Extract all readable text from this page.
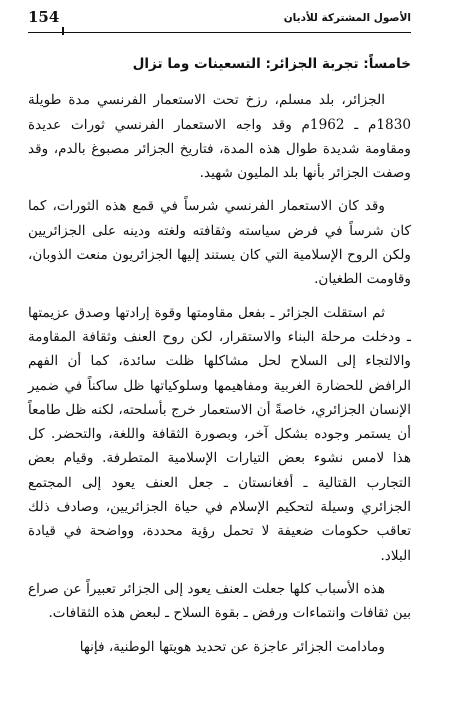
الأصول المشتركة للأديان
154

خامساً: تجربة الجزائر: التسعينات وما تزال

الجزائر، بلد مسلم، رزخ تحت الاستعمار الفرنسي مدة طويلة 1830م ـ 1962م وقد واجه الاستعمار الفرنسي ثورات عديدة ومقاومة شديدة طوال هذه المدة، فتاريخ الجزائر مصبوغ بالدم، وقد وصفت الجزائر بأنها بلد المليون شهيد.

وقد كان الاستعمار الفرنسي شرساً في قمع هذه الثورات، كما كان شرساً في فرض سياسته وثقافته ولغته ودينه على الجزائريين ولكن الروح الإسلامية التي كان يستند إليها الجزائريون منعت الذوبان، وقاومت الطغيان.

ثم استقلت الجزائر ـ بفعل مقاومتها وقوة إرادتها وصدق عزيمتها ـ ودخلت مرحلة البناء والاستقرار، لكن روح العنف وثقافة المقاومة والالتجاء إلى السلاح لحل مشاكلها ظلت سائدة، كما أن الفهم الرافض للحضارة الغربية ومفاهيمها وسلوكياتها ظل ساكناً في ضمير الإنسان الجزائري، خاصةً أن الاستعمار خرج بأسلحته، لكنه ظل طامعاً أن يستمر وجوده بشكل آخر، وبصورة الثقافة واللغة، والتحضر. كل هذا لامس نشوء بعض التيارات الإسلامية المتطرفة. وقيام بعض التجارب القتالية ـ أفغانستان ـ جعل العنف يعود إلى المجتمع الجزائري وسيلة لتحكيم الإسلام في حياة الجزائريين، وصادف ذلك تعاقب حكومات ضعيفة لا تحمل رؤية محددة، وواضحة في قيادة البلاد.

هذه الأسباب كلها جعلت العنف يعود إلى الجزائر تعبيراً عن صراع بين ثقافات وانتماءات ورفض ـ بقوة السلاح ـ لبعض هذه الثقافات.

ومادامت الجزائر عاجزة عن تحديد هويتها الوطنية، فإنها
